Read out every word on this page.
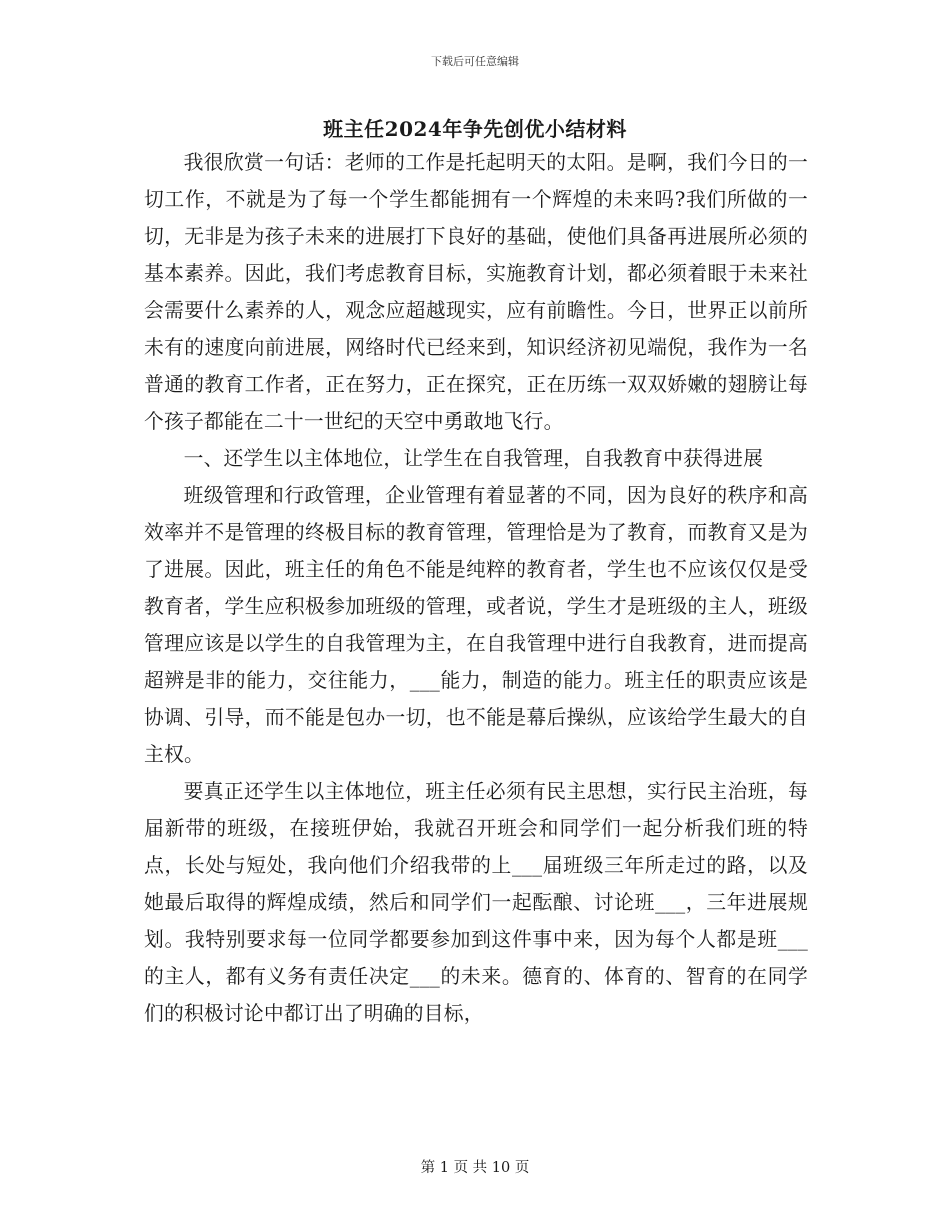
下载后可任意编辑
班主任2024年争先创优小结材料

我很欣赏一句话：老师的工作是托起明天的太阳。是啊，我们今日的一切工作，不就是为了每一个学生都能拥有一个辉煌的未来吗?我们所做的一切，无非是为孩子未来的进展打下良好的基础，使他们具备再进展所必须的基本素养。因此，我们考虑教育目标，实施教育计划，都必须着眼于未来社会需要什么素养的人，观念应超越现实，应有前瞻性。今日，世界正以前所未有的速度向前进展，网络时代已经来到，知识经济初见端倪，我作为一名普通的教育工作者，正在努力，正在探究，正在历练一双双娇嫩的翅膀让每个孩子都能在二十一世纪的天空中勇敢地飞行。

一、还学生以主体地位，让学生在自我管理，自我教育中获得进展

班级管理和行政管理，企业管理有着显著的不同，因为良好的秩序和高效率并不是管理的终极目标的教育管理，管理恰是为了教育，而教育又是为了进展。因此，班主任的角色不能是纯粹的教育者，学生也不应该仅仅是受教育者，学生应积极参加班级的管理，或者说，学生才是班级的主人，班级管理应该是以学生的自我管理为主，在自我管理中进行自我教育，进而提高超辨是非的能力，交往能力，___能力，制造的能力。班主任的职责应该是协调、引导，而不能是包办一切，也不能是幕后操纵，应该给学生最大的自主权。

要真正还学生以主体地位，班主任必须有民主思想，实行民主治班，每届新带的班级，在接班伊始，我就召开班会和同学们一起分析我们班的特点，长处与短处，我向他们介绍我带的上___届班级三年所走过的路，以及她最后取得的辉煌成绩，然后和同学们一起酝酿、讨论班___，三年进展规划。我特别要求每一位同学都要参加到这件事中来，因为每个人都是班___的主人，都有义务有责任决定___的未来。德育的、体育的、智育的在同学们的积极讨论中都订出了明确的目标，

第 1 页 共 10 页
